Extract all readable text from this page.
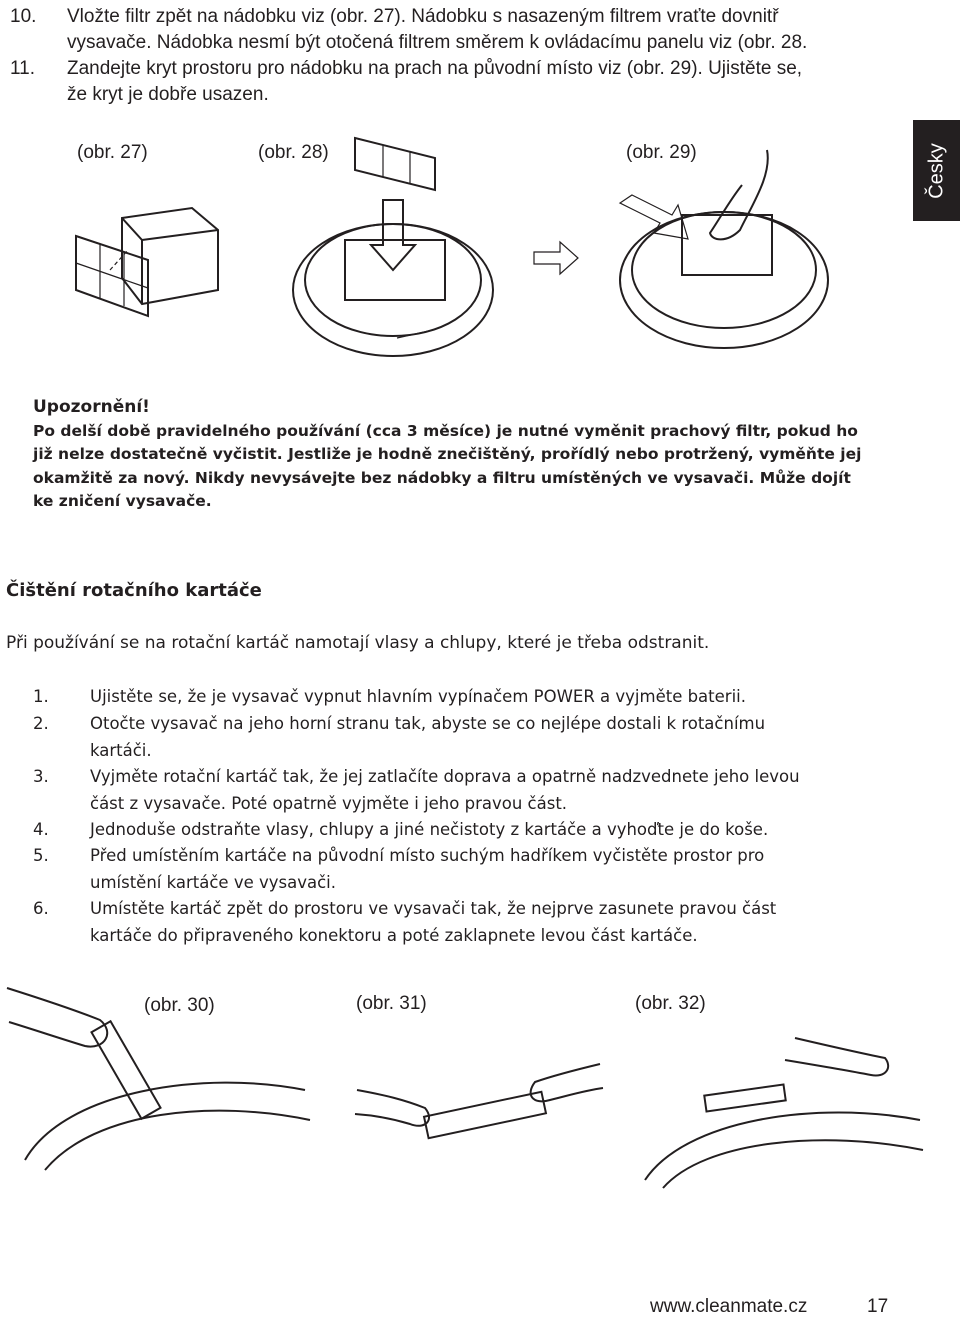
10. Vložte filtr zpět na nádobku viz (obr. 27). Nádobku s nasazeným filtrem vraťte dovnitř
vysavače. Nádobka nesmí být otočená filtrem směrem k ovládacímu panelu viz (obr. 28.
11. Zandejte kryt prostoru pro nádobku na prach na původní místo viz (obr. 29). Ujistěte se,
že kryt je dobře usazen.
Česky
(obr. 27)	(obr. 28)	(obr. 29)
Upozornění!
Po delší době pravidelného používání (cca 3 měsíce) je nutné vyměnit prachový filtr, pokud ho
již nelze dostatečně vyčistit. Jestliže je hodně znečištěný, prořídlý nebo protržený, vyměňte jej
okamžitě za nový. Nikdy nevysávejte bez nádobky a filtru umístěných ve vysavači. Může dojít
ke zničení vysavače.
Čištění rotačního kartáče
Při používání se na rotační kartáč namotají vlasy a chlupy, které je třeba odstranit.
1.	Ujistěte se, že je vysavač vypnut hlavním vypínačem POWER a vyjměte baterii.
2.	Otočte vysavač na jeho horní stranu tak, abyste se co nejlépe dostali k rotačnímu
kartáči.
3.	Vyjměte rotační kartáč tak, že jej zatlačíte doprava a opatrně nadzvednete jeho levou
část z vysavače. Poté opatrně vyjměte i jeho pravou část.
4.	Jednoduše odstraňte vlasy, chlupy a jiné nečistoty z kartáče a vyhoďte je do koše.
5.	Před umístěním kartáče na původní místo suchým hadříkem vyčistěte prostor pro
umístění kartáče ve vysavači.
6.	Umístěte kartáč zpět do prostoru ve vysavači tak, že nejprve zasunete pravou část
kartáče do připraveného konektoru a poté zaklapnete levou část kartáče.
(obr. 30)	(obr. 31)	(obr. 32)
www.cleanmate.cz	17
